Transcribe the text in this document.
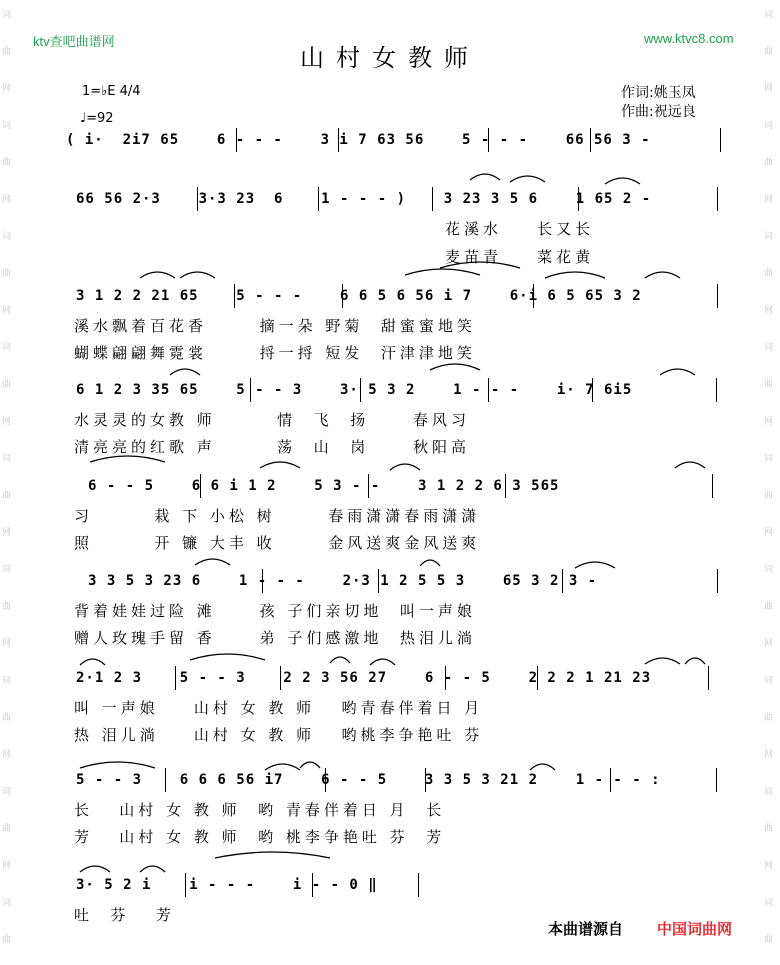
ktv查吧曲谱网	www.ktvc8.com
山村女教师
词
曲
网
词
曲
网
词
曲
网
词
曲
网
词
曲
网
词
曲
网
词
曲
网
词
曲
网
词
曲
词
曲
网
词
曲
网
词
曲
网
词
曲
网
词
曲
网
词
曲
网
词
曲
网
词
曲
网
词
曲
1=♭E 4/4
♩=92
作词:姚玉凤
作曲:祝远良
( i·  2i7 65    6 - - -    3 i 7 63 56    5 - - -    66 56 3 -
66 56 2·3    3·3 23  6    1 - - - )    3 23 3 5 6    1 65 2 -
花溪水    长又长
麦苗青    菜花黄
3 1 2 2 21 65    5 - - -    6 6 5 6 56 i 7    6·i 6 5 65 3 2
溪水飘着百花香      摘一朵 野菊  甜蜜蜜地笑
蝴蝶翩翩舞霓裳      捋一捋 短发  汗津津地笑
6 1 2 3 35 65    5 - - 3    3· 5 3 2    1 - - -    i· 7 6i5
水灵灵的女教 师       情  飞  扬     春风习
清亮亮的红歌 声       荡  山  岗     秋阳高
6 - - 5    6 6 i 1 2    5 3 - -    3 1 2 2 6 3 565
习       栽 下 小松 树      春雨潇潇春雨潇潇
照       开 镰 大丰 收      金风送爽金风送爽
3 3 5 3 23 6    1 - - -    2·3 1 2 5 5 3    65 3 2 3 -
背着娃娃过险 滩     孩 子们亲切地  叫一声娘
赠人玫瑰手留 香     弟 子们感激地  热泪儿淌
2·1 2 3    5 - - 3    2 2 3 56 27    6 - - 5    2 2 2 1 21 23
叫 一声娘    山村 女 教 师   哟青春伴着日 月
热 泪儿淌    山村 女 教 师   哟桃李争艳吐 芬
5 - - 3    6 6 6 56 i7    6 - - 5    3 3 5 3 21 2    1 - - - :
长   山村 女 教 师  哟 青春伴着日 月  长
芳   山村 女 教 师  哟 桃李争艳吐 芬  芳
3· 5 2 i    i - - -    i - - 0 ‖
吐  芬   芳
本曲谱源自 中国词曲网
